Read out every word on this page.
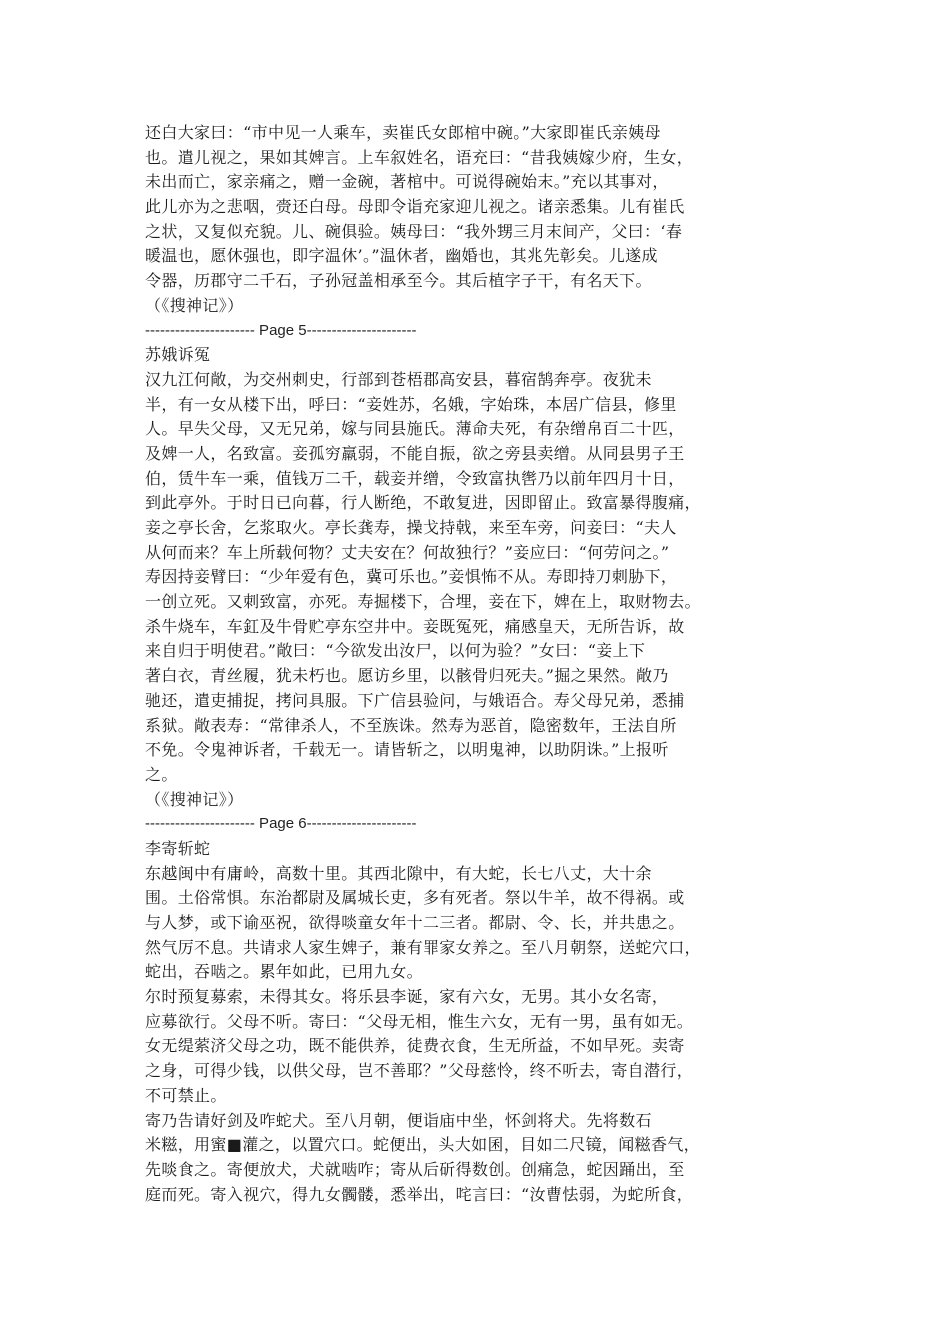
还白大家曰：“市中见一人乘车，卖崔氏女郎棺中碗。”大家即崔氏亲姨母
也。遣儿视之，果如其婢言。上车叙姓名，语充曰：“昔我姨嫁少府，生女，
未出而亡，家亲痛之，赠一金碗，著棺中。可说得碗始末。”充以其事对，
此儿亦为之悲咽，赍还白母。母即令诣充家迎儿视之。诸亲悉集。儿有崔氏
之状，又复似充貌。儿、碗俱验。姨母曰：“我外甥三月末间产，父曰：‘春
暖温也，愿休强也，即字温休’。”温休者，幽婚也，其兆先彰矣。儿遂成
令器，历郡守二千石，子孙冠盖相承至今。其后植字子干，有名天下。
（《搜神记》）
---------------------- Page 5----------------------
苏娥诉冤
汉九江何敞，为交州刺史，行部到苍梧郡高安县，暮宿鹄奔亭。夜犹未
半，有一女从楼下出，呼曰：“妾姓苏，名娥，字始珠，本居广信县，修里
人。早失父母，又无兄弟，嫁与同县施氏。薄命夫死，有杂缯帛百二十匹，
及婢一人，名致富。妾孤穷羸弱，不能自振，欲之旁县卖缯。从同县男子王
伯，赁牛车一乘，值钱万二千，载妾并缯，令致富执辔乃以前年四月十日，
到此亭外。于时日已向暮，行人断绝，不敢复进，因即留止。致富暴得腹痛，
妾之亭长舍，乞浆取火。亭长龚寿，操戈持戟，来至车旁，问妾曰：“夫人
从何而来？车上所载何物？丈夫安在？何故独行？”妾应曰：“何劳问之。”
寿因持妾臂曰：“少年爱有色，冀可乐也。”妾惧怖不从。寿即持刀刺胁下，
一创立死。又刺致富，亦死。寿掘楼下，合埋，妾在下，婢在上，取财物去。
杀牛烧车，车釭及牛骨贮亭东空井中。妾既冤死，痛感皇天，无所告诉，故
来自归于明使君。”敞曰：“今欲发出汝尸，以何为验？”女曰：“妾上下
著白衣，青丝履，犹未朽也。愿访乡里，以骸骨归死夫。”掘之果然。敞乃
驰还，遣吏捕捉，拷问具服。下广信县验问，与娥语合。寿父母兄弟，悉捕
系狱。敞表寿：“常律杀人，不至族诛。然寿为恶首，隐密数年，王法自所
不免。令鬼神诉者，千载无一。请皆斩之，以明鬼神，以助阴诛。”上报听
之。
（《搜神记》）
---------------------- Page 6----------------------
李寄斩蛇
东越闽中有庸岭，高数十里。其西北隙中，有大蛇，长七八丈，大十余
围。土俗常惧。东治都尉及属城长吏，多有死者。祭以牛羊，故不得祸。或
与人梦，或下谕巫祝，欲得啖童女年十二三者。都尉、令、长，并共患之。
然气厉不息。共请求人家生婢子，兼有罪家女养之。至八月朝祭，送蛇穴口，
蛇出，吞啮之。累年如此，已用九女。
尔时预复募索，未得其女。将乐县李诞，家有六女，无男。其小女名寄，
应募欲行。父母不听。寄曰：“父母无相，惟生六女，无有一男，虽有如无。
女无缇萦济父母之功，既不能供养，徒费衣食，生无所益，不如早死。卖寄
之身，可得少钱，以供父母，岂不善耶？”父母慈怜，终不听去，寄自潜行，
不可禁止。
寄乃告请好剑及咋蛇犬。至八月朝，便诣庙中坐，怀剑将犬。先将数石
米糍，用蜜■灌之，以置穴口。蛇便出，头大如囷，目如二尺镜，闻糍香气，
先啖食之。寄便放犬，犬就啮咋；寄从后斫得数创。创痛急，蛇因踊出，至
庭而死。寄入视穴，得九女髑髅，悉举出，咤言曰：“汝曹怯弱，为蛇所食，
